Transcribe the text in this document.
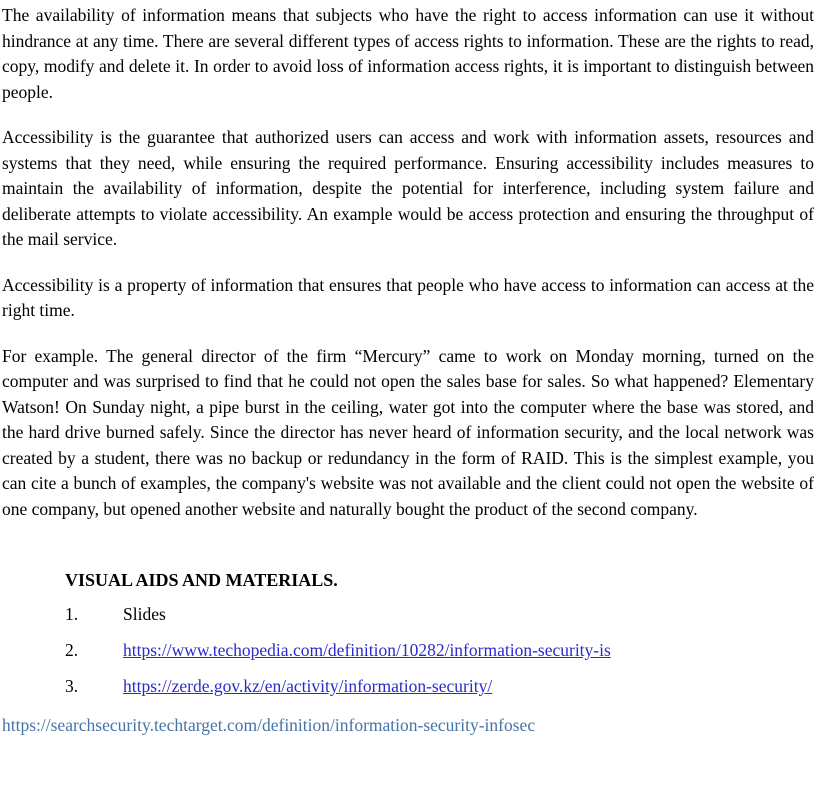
The availability of information means that subjects who have the right to access information can use it without hindrance at any time. There are several different types of access rights to information. These are the rights to read, copy, modify and delete it. In order to avoid loss of information access rights, it is important to distinguish between people.

Accessibility is the guarantee that authorized users can access and work with information assets, resources and systems that they need, while ensuring the required performance. Ensuring accessibility includes measures to maintain the availability of information, despite the potential for interference, including system failure and deliberate attempts to violate accessibility. An example would be access protection and ensuring the throughput of the mail service.

Accessibility is a property of information that ensures that people who have access to information can access at the right time.

For example. The general director of the firm “Mercury” came to work on Monday morning, turned on the computer and was surprised to find that he could not open the sales base for sales. So what happened? Elementary Watson! On Sunday night, a pipe burst in the ceiling, water got into the computer where the base was stored, and the hard drive burned safely. Since the director has never heard of information security, and the local network was created by a student, there was no backup or redundancy in the form of RAID. This is the simplest example, you can cite a bunch of examples, the company's website was not available and the client could not open the website of one company, but opened another website and naturally bought the product of the second company.

VISUAL AIDS AND MATERIALS.
1.	Slides
2.	https://www.techopedia.com/definition/10282/information-security-is
3.	https://zerde.gov.kz/en/activity/information-security/
https://searchsecurity.techtarget.com/definition/information-security-infosec
